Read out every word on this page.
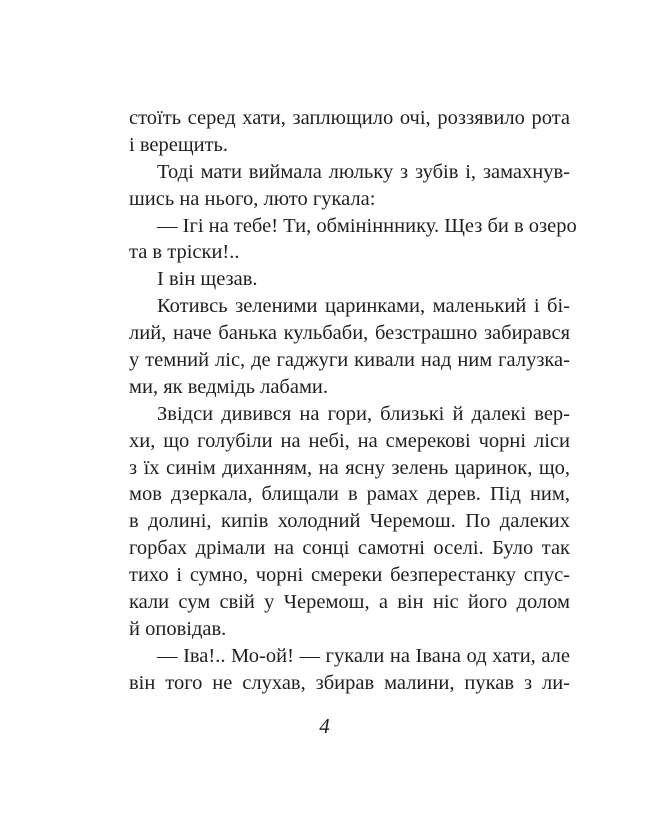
стоїть серед хати, заплющило очі, роззявило рота
і верещить.
Тоді мати виймала люльку з зубів і, замахнув-
шись на нього, люто гукала:
— Ігі на тебе! Ти, обмінінннику. Щез би в озеро
та в тріски!..
І він щезав.
Котивсь зеленими царинками, маленький і бі-
лий, наче банька кульбаби, безстрашно забирався
у темний ліс, де гаджуги кивали над ним галузка-
ми, як ведмідь лабами.
Звідси дивився на гори, близькі й далекі вер-
хи, що голубіли на небі, на смерекові чорні ліси
з їх синім диханням, на ясну зелень царинок, що,
мов дзеркала, блищали в рамах дерев. Під ним,
в долині, кипів холодний Черемош. По далеких
горбах дрімали на сонці самотні оселі. Було так
тихо і сумно, чорні смереки безперестанку спус-
кали сум свій у Черемош, а він ніс його долом
й оповідав.
— Іва!.. Мо-ой! — гукали на Івана од хати, але
він того не слухав, збирав малини, пукав з ли-
4
